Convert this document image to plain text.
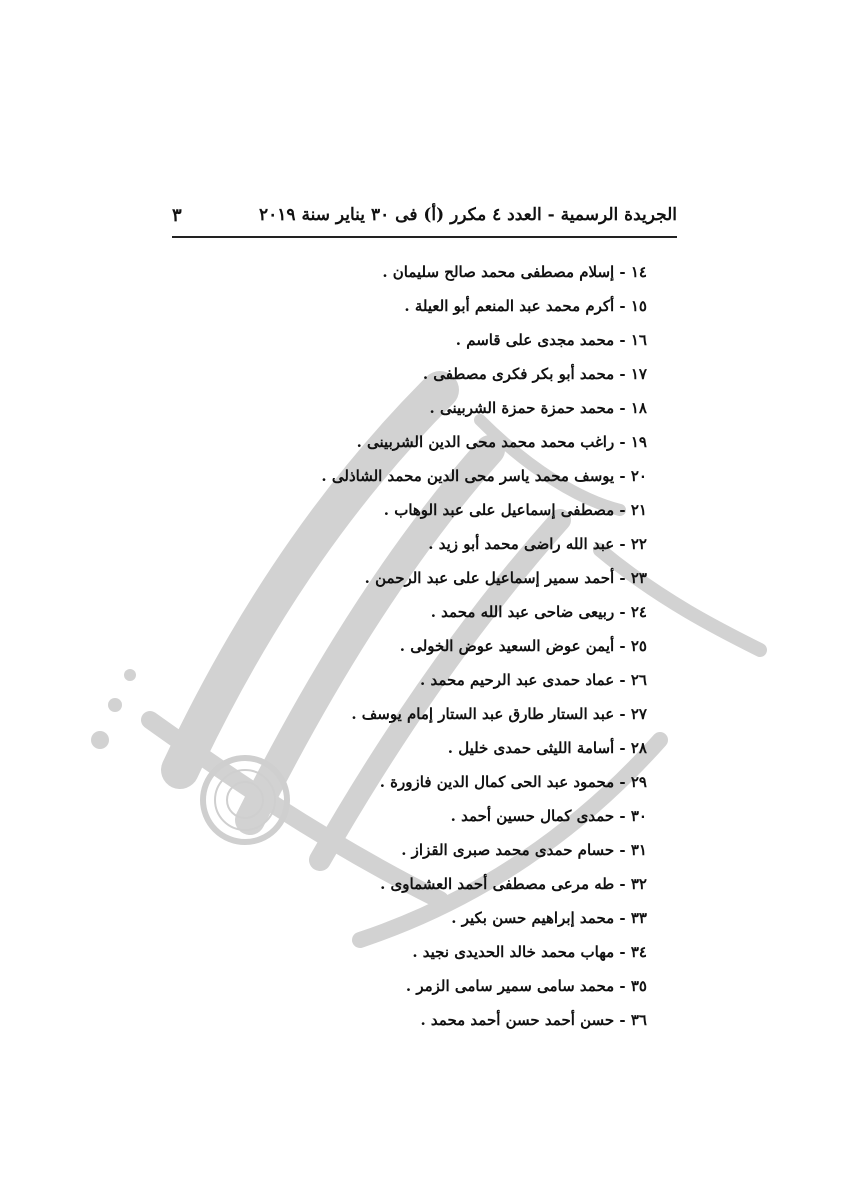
الجريدة الرسمية - العدد ٤ مكرر (أ) فى ٣٠ يناير سنة ٢٠١٩
٣
١٤ - إسلام مصطفى محمد صالح سليمان .
١٥ - أكرم محمد عبد المنعم أبو العيلة .
١٦ - محمد مجدى على قاسم .
١٧ - محمد أبو بكر فكرى مصطفى .
١٨ - محمد حمزة حمزة الشربينى .
١٩ - راغب محمد محمد محى الدين الشربينى .
٢٠ - يوسف محمد ياسر محى الدين محمد الشاذلى .
٢١ - مصطفى إسماعيل على عبد الوهاب .
٢٢ - عبد الله راضى محمد أبو زيد .
٢٣ - أحمد سمير إسماعيل على عبد الرحمن .
٢٤ - ربيعى ضاحى عبد الله محمد .
٢٥ - أيمن عوض السعيد عوض الخولى .
٢٦ - عماد حمدى عبد الرحيم محمد .
٢٧ - عبد الستار طارق عبد الستار إمام يوسف .
٢٨ - أسامة الليثى حمدى خليل .
٢٩ - محمود عبد الحى كمال الدين فازورة .
٣٠ - حمدى كمال حسين أحمد .
٣١ - حسام حمدى محمد صبرى القزاز .
٣٢ - طه مرعى مصطفى أحمد العشماوى .
٣٣ - محمد إبراهيم حسن بكير .
٣٤ - مهاب محمد خالد الحديدى نجيد .
٣٥ - محمد سامى سمير سامى الزمر .
٣٦ - حسن أحمد حسن أحمد محمد .
